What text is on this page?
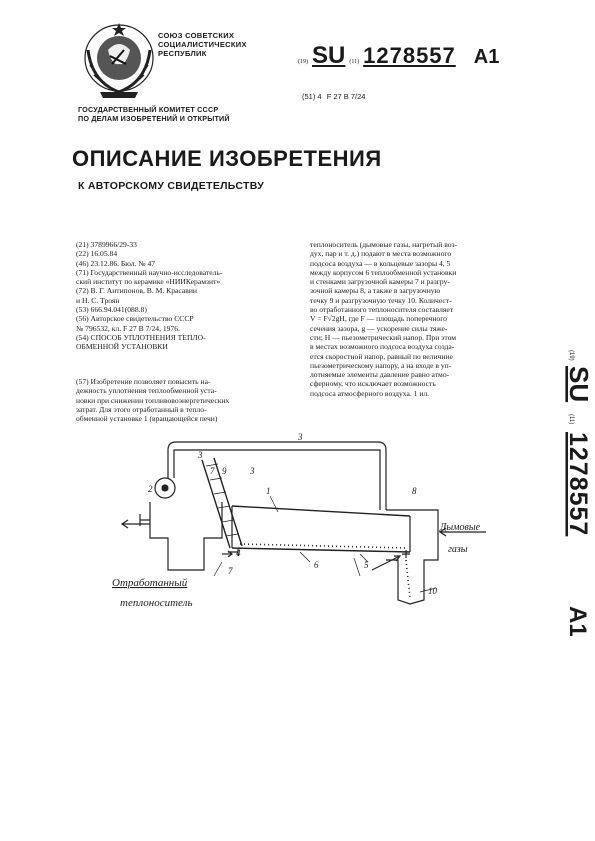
СОЮЗ СОВЕТСКИХ
СОЦИАЛИСТИЧЕСКИХ
РЕСПУБЛИК
(19) SU (11) 1278557 A1
(51) 4 F 27 B 7/24
ГОСУДАРСТВЕННЫЙ КОМИТЕТ СССР
ПО ДЕЛАМ ИЗОБРЕТЕНИЙ И ОТКРЫТИЙ
ОПИСАНИЕ ИЗОБРЕТЕНИЯ
К АВТОРСКОМУ СВИДЕТЕЛЬСТВУ
(21) 3789966/29-33
(22) 16.05.84
(46) 23.12.86. Бюл. № 47
(71) Государственный научно-исследователь-
ский институт по керамике «НИИКерамзит»
(72) В. Г. Антипонов, В. М. Красавин
и Н. С. Троян
(53) 666.94.041(088.8)
(56) Авторское свидетельство СССР
№ 796532, кл. F 27 B 7/24, 1976.
(54) СПОСОБ УПЛОТНЕНИЯ ТЕПЛО-
ОБМЕННОЙ УСТАНОВКИ
(57) Изобретение позволяет повысить на-
дежность уплотнения теплообменной уста-
новки при снижении топливовоэнергетических
затрат. Для этого отработанный в тепло-
обменной установке 1 (вращающейся печи)
теплоноситель (дымовые газы, нагретый воз-
дух, пар и т. д.) подают в места возможного
подсоса воздуха — в кольцевые зазоры 4, 5
между корпусом 6 теплообменной установки
и стенками загрузочной камеры 7 и разгру-
зочной камеры 8, а также в загрузочную
течку 9 и разгрузочную течку 10. Количест-
во отработанного теплоносителя составляет
V = F√2gH, где F — площадь поперечного
сечения зазора, g — ускорение силы тяже-
сти; H — пьезометрический напор. При этом
в местах возможного подсоса воздуха созда-
ется скоростной напор, равный по величине
пьезометрическому напору, а на входе в уп-
лотняемые элементы давление равно атмо-
сферному, что исключает возможность
подсоса атмосферного воздуха. 1 ил.
(19)
SU
(11)
1278557
A1
3
3
7 9	3
2	1	8
4
5
6
7
10
Дымовые
газы
Отработанный
теплоноситель
